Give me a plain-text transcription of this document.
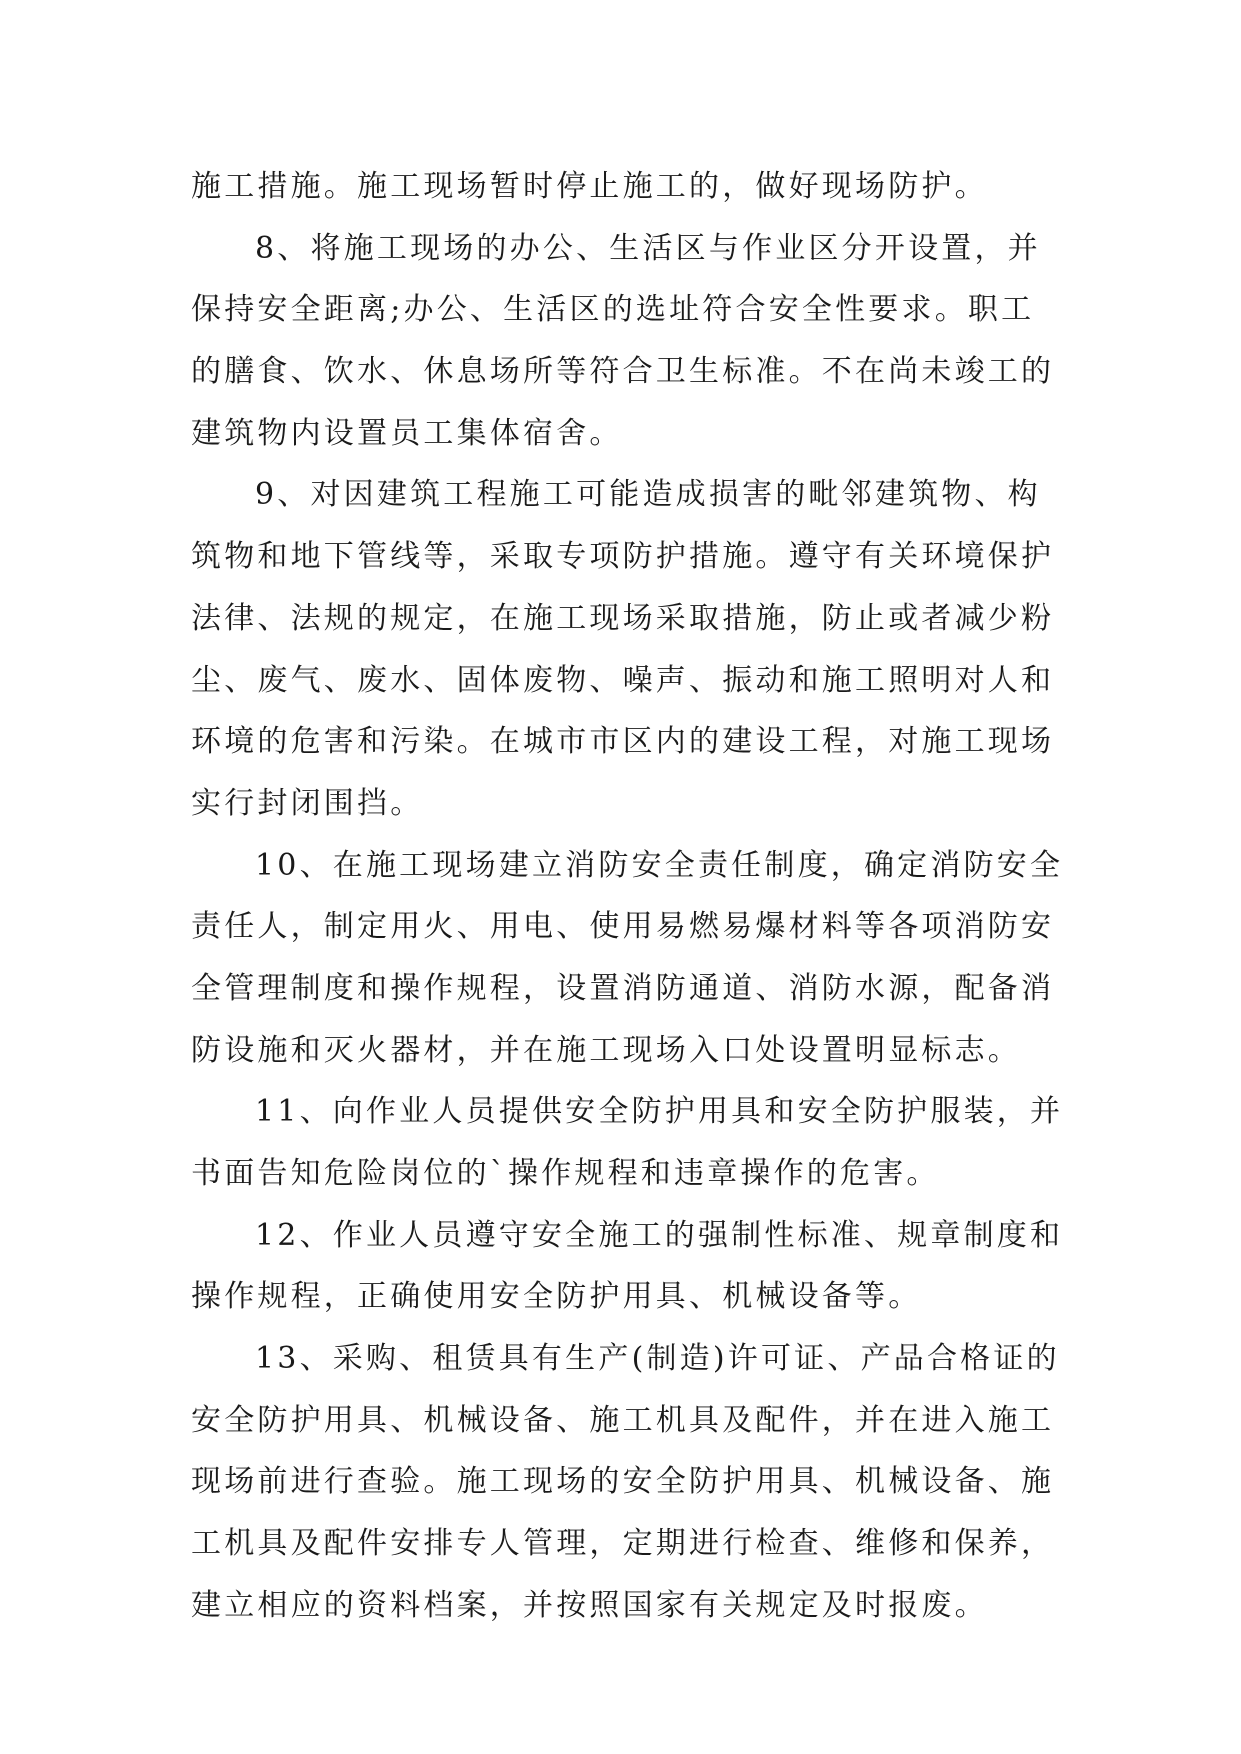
施工措施。施工现场暂时停止施工的，做好现场防护。
8、将施工现场的办公、生活区与作业区分开设置，并
保持安全距离;办公、生活区的选址符合安全性要求。职工
的膳食、饮水、休息场所等符合卫生标准。不在尚未竣工的
建筑物内设置员工集体宿舍。
9、对因建筑工程施工可能造成损害的毗邻建筑物、构
筑物和地下管线等，采取专项防护措施。遵守有关环境保护
法律、法规的规定，在施工现场采取措施，防止或者减少粉
尘、废气、废水、固体废物、噪声、振动和施工照明对人和
环境的危害和污染。在城市市区内的建设工程，对施工现场
实行封闭围挡。
10、在施工现场建立消防安全责任制度，确定消防安全
责任人，制定用火、用电、使用易燃易爆材料等各项消防安
全管理制度和操作规程，设置消防通道、消防水源，配备消
防设施和灭火器材，并在施工现场入口处设置明显标志。
11、向作业人员提供安全防护用具和安全防护服装，并
书面告知危险岗位的`操作规程和违章操作的危害。
12、作业人员遵守安全施工的强制性标准、规章制度和
操作规程，正确使用安全防护用具、机械设备等。
13、采购、租赁具有生产(制造)许可证、产品合格证的
安全防护用具、机械设备、施工机具及配件，并在进入施工
现场前进行查验。施工现场的安全防护用具、机械设备、施
工机具及配件安排专人管理，定期进行检查、维修和保养，
建立相应的资料档案，并按照国家有关规定及时报废。
